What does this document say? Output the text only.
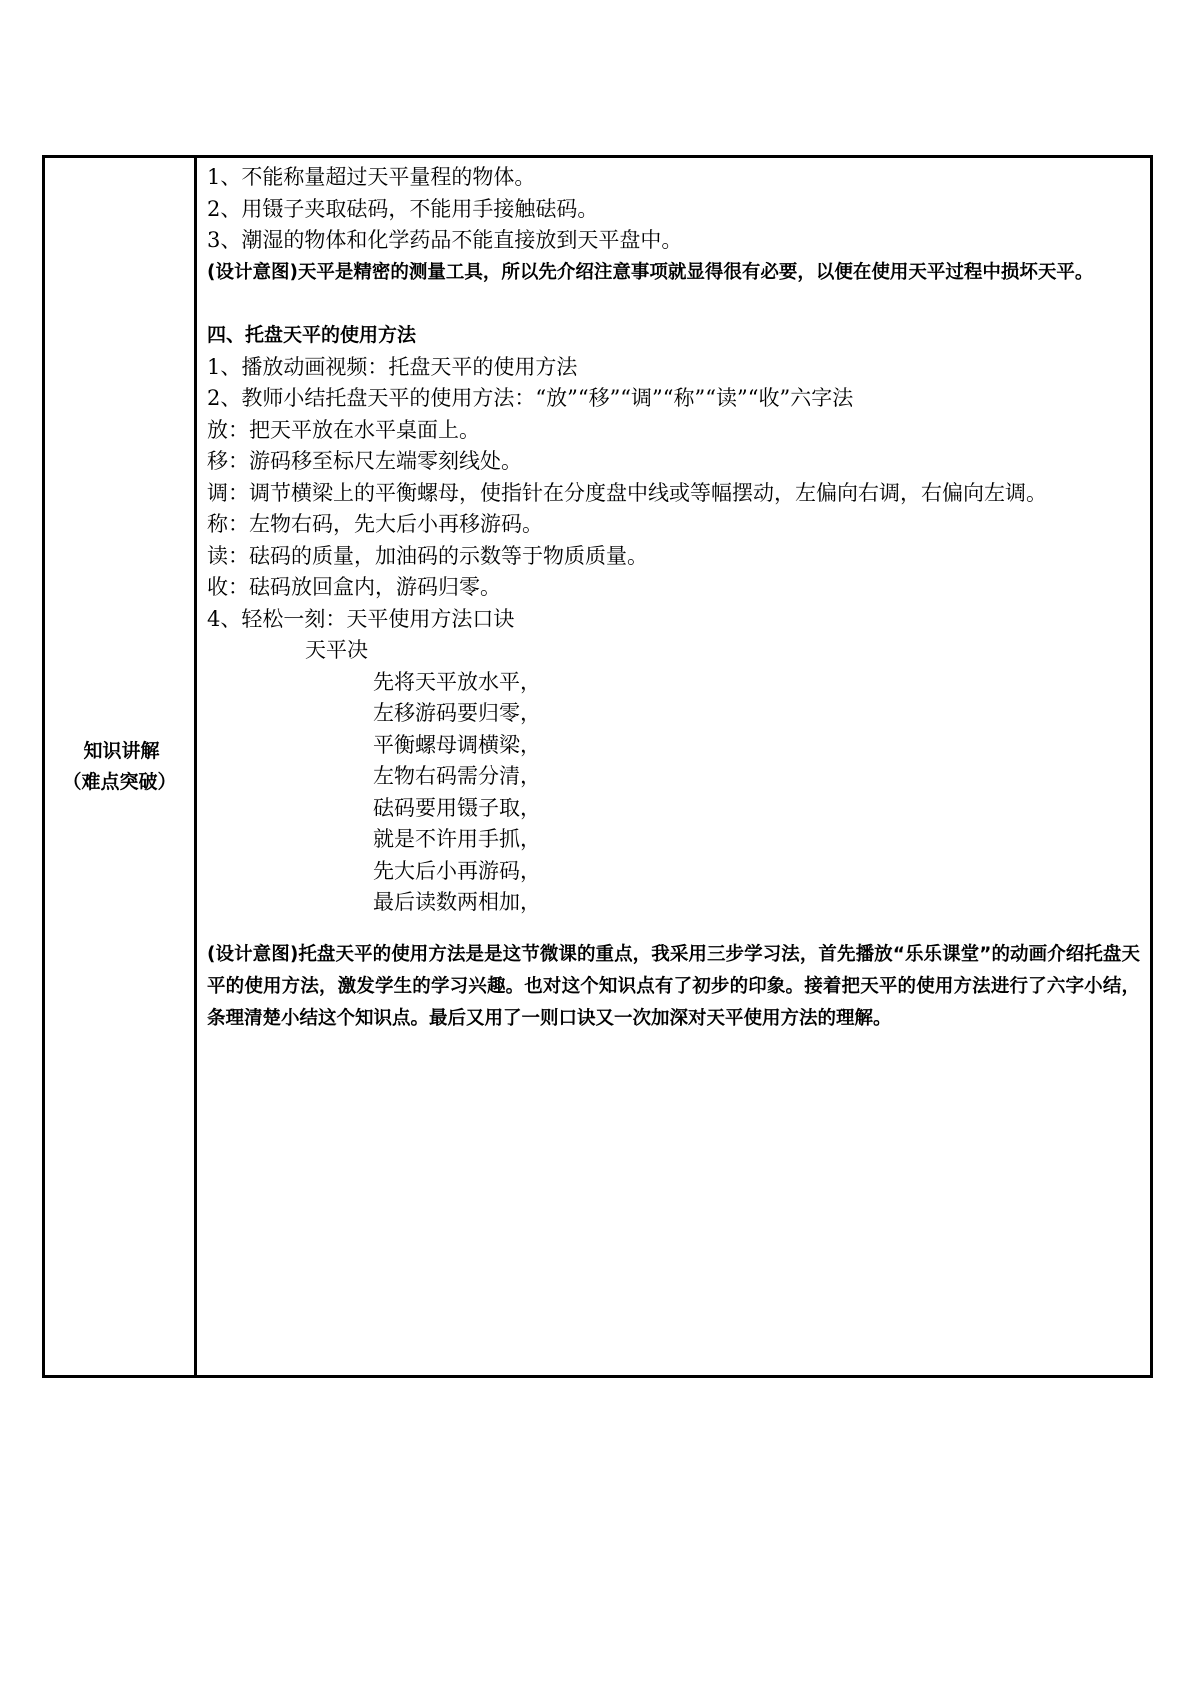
知识讲解
（难点突破）
1、不能称量超过天平量程的物体。
2、用镊子夹取砝码，不能用手接触砝码。
3、潮湿的物体和化学药品不能直接放到天平盘中。
(设计意图)天平是精密的测量工具，所以先介绍注意事项就显得很有必要，以便在使用天平过程中损坏天平。
四、托盘天平的使用方法
1、播放动画视频：托盘天平的使用方法
2、教师小结托盘天平的使用方法：“放”“移”“调”“称”“读”“收”六字法
放：把天平放在水平桌面上。
移：游码移至标尺左端零刻线处。
调：调节横梁上的平衡螺母，使指针在分度盘中线或等幅摆动，左偏向右调，右偏向左调。
称：左物右码，先大后小再移游码。
读：砝码的质量，加油码的示数等于物质质量。
收：砝码放回盒内，游码归零。
4、轻松一刻：天平使用方法口诀
天平决
先将天平放水平，
左移游码要归零，
平衡螺母调横梁，
左物右码需分清，
砝码要用镊子取，
就是不许用手抓，
先大后小再游码，
最后读数两相加，
(设计意图)托盘天平的使用方法是是这节微课的重点，我采用三步学习法，首先播放“乐乐课堂”的动画介绍托盘天平的使用方法，激发学生的学习兴趣。也对这个知识点有了初步的印象。接着把天平的使用方法进行了六字小结，条理清楚小结这个知识点。最后又用了一则口诀又一次加深对天平使用方法的理解。
